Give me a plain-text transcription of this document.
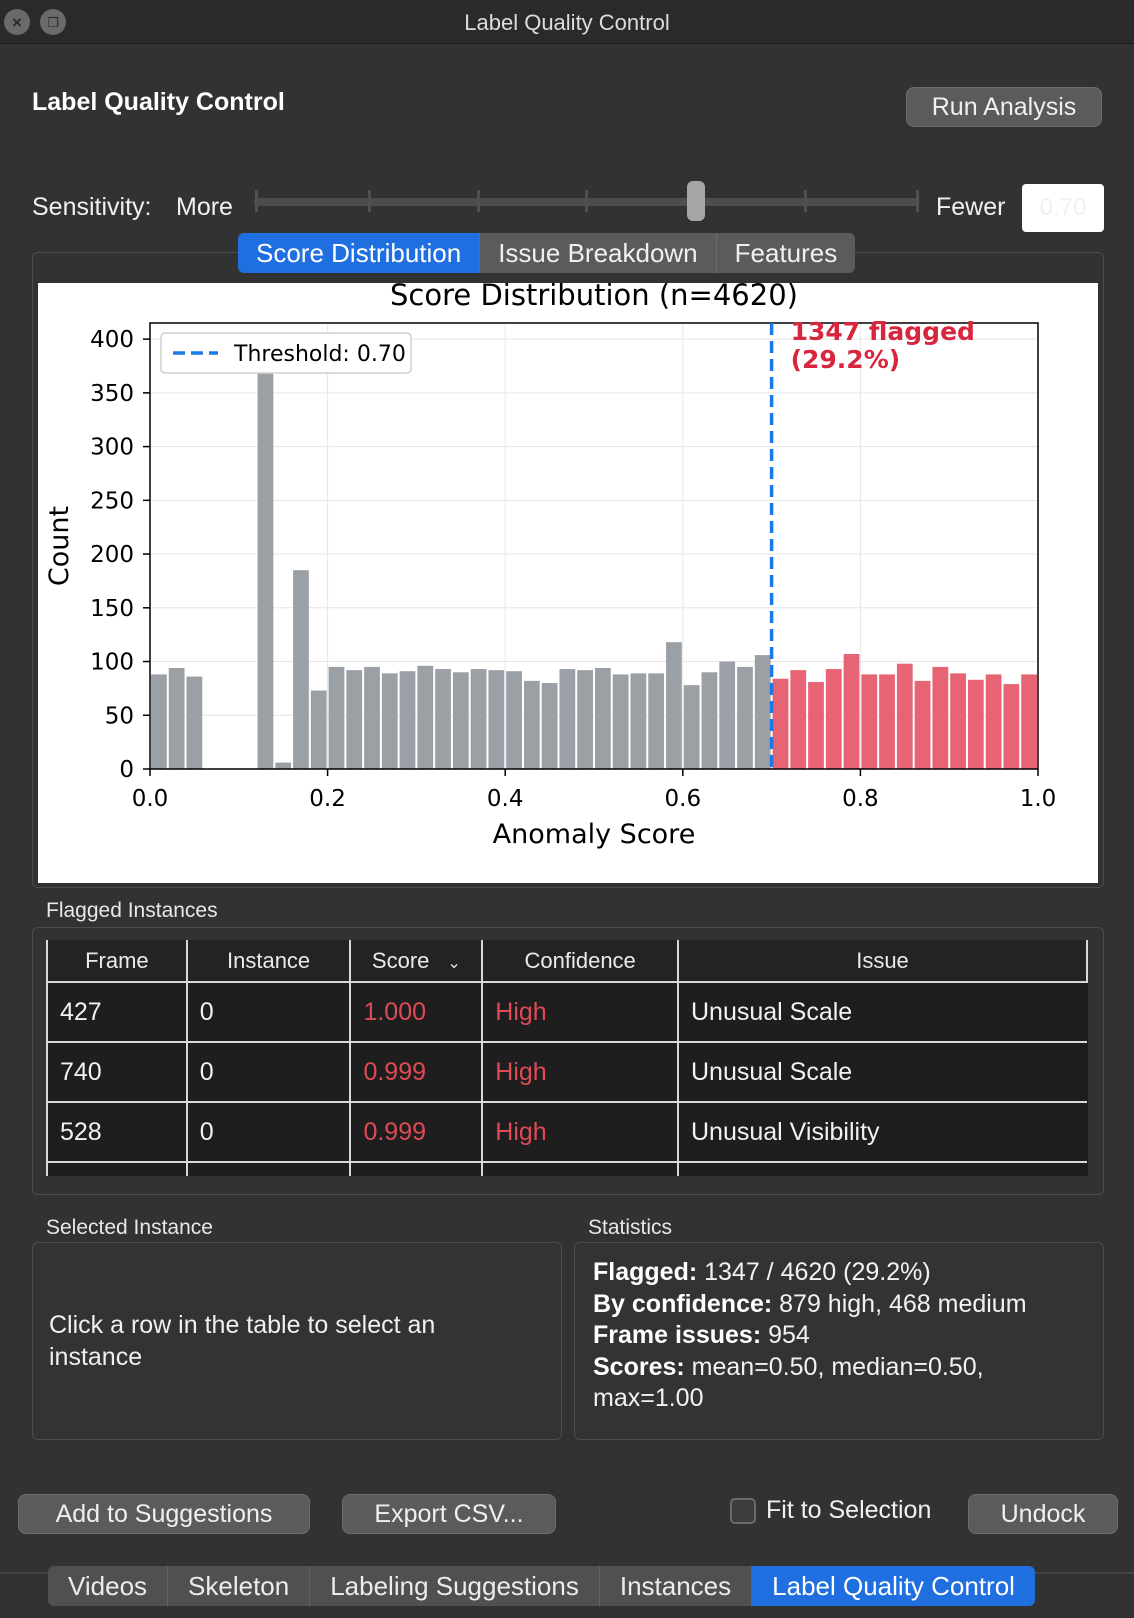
×	❐	Label Quality Control
Label Quality Control	Run Analysis
Sensitivity: More	Fewer	0.70
Score Distribution	Issue Breakdown	Features
0.0	0.2	0.4	0.6	0.8	1.0
0
50
100
150
200
250
300
350
400
Score Distribution (n=4620)
Anomaly Score
Count
Threshold: 0.70
1347 flagged
(29.2%)
Flagged Instances
Frame	Instance	Score ⌄	Confidence	Issue
427	0	1.000	High	Unusual Scale
740	0	0.999	High	Unusual Scale
528	0	0.999	High	Unusual Visibility

Selected Instance
Click a row in the table to select an instance
Statistics
Flagged: 1347 / 4620 (29.2%)
By confidence: 879 high, 468 medium
Frame issues: 954
Scores: mean=0.50, median=0.50, max=1.00
Add to Suggestions	Export CSV...	Fit to Selection	Undock
Videos	Skeleton	Labeling Suggestions	Instances	Label Quality Control
